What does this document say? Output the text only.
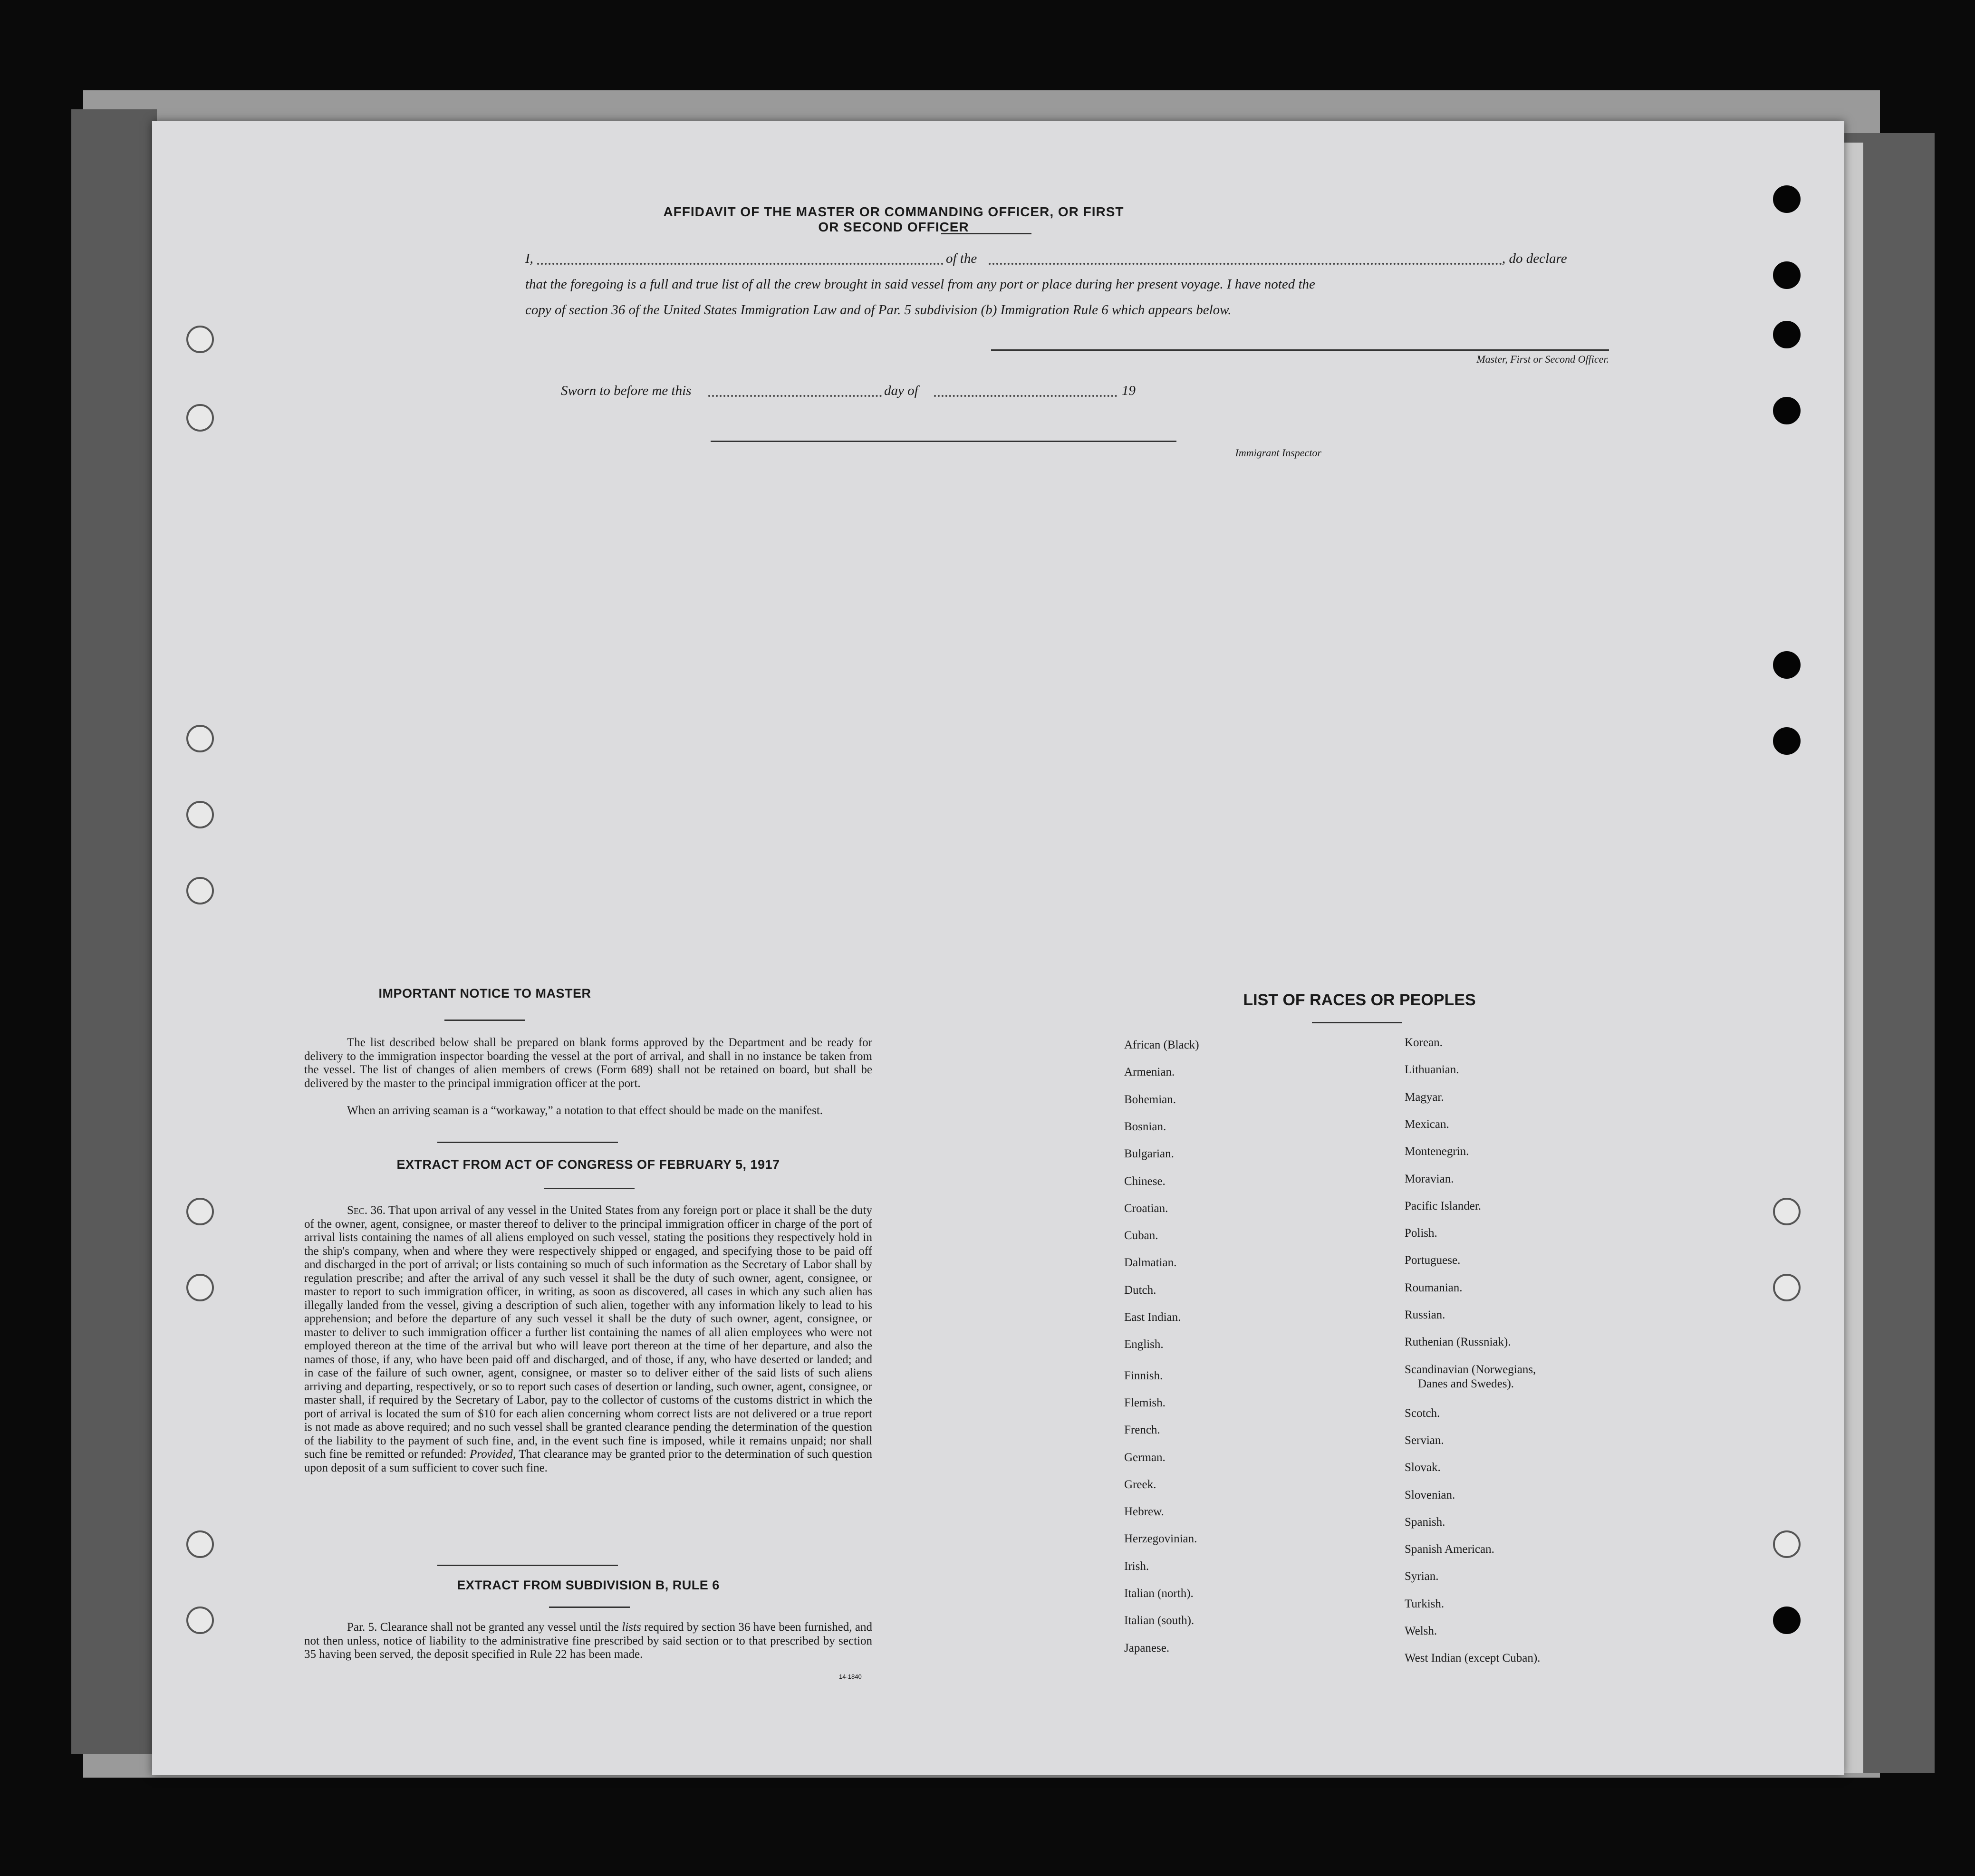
AFFIDAVIT OF THE MASTER OR COMMANDING OFFICER, OR FIRST OR SECOND OFFICER
I,	of the	, do declare
that the foregoing is a full and true list of all the crew brought in said vessel from any port or place during her present voyage. I have noted the
copy of section 36 of the United States Immigration Law and of Par. 5 subdivision (b) Immigration Rule 6 which appears below.
Master, First or Second Officer.
Sworn to before me this	day of	19
Immigrant Inspector
IMPORTANT NOTICE TO MASTER
The list described below shall be prepared on blank forms approved by the Department and be ready for delivery to the immigration inspector boarding the vessel at the port of arrival, and shall in no instance be taken from the vessel. The list of changes of alien members of crews (Form 689) shall not be retained on board, but shall be delivered by the master to the principal immigration officer at the port.
When an arriving seaman is a “workaway,” a notation to that effect should be made on the manifest.
EXTRACT FROM ACT OF CONGRESS OF FEBRUARY 5, 1917
Sec. 36. That upon arrival of any vessel in the United States from any foreign port or place it shall be the duty of the owner, agent, consignee, or master thereof to deliver to the principal immigration officer in charge of the port of arrival lists containing the names of all aliens employed on such vessel, stating the positions they respectively hold in the ship's company, when and where they were respectively shipped or engaged, and specifying those to be paid off and discharged in the port of arrival; or lists containing so much of such information as the Secretary of Labor shall by regulation prescribe; and after the arrival of any such vessel it shall be the duty of such owner, agent, consignee, or master to report to such immigration officer, in writing, as soon as discovered, all cases in which any such alien has illegally landed from the vessel, giving a description of such alien, together with any information likely to lead to his apprehension; and before the departure of any such vessel it shall be the duty of such owner, agent, consignee, or master to deliver to such immigration officer a further list containing the names of all alien employees who were not employed thereon at the time of the arrival but who will leave port thereon at the time of her departure, and also the names of those, if any, who have been paid off and discharged, and of those, if any, who have deserted or landed; and in case of the failure of such owner, agent, consignee, or master so to deliver either of the said lists of such aliens arriving and departing, respectively, or so to report such cases of desertion or landing, such owner, agent, consignee, or master shall, if required by the Secretary of Labor, pay to the collector of customs of the customs district in which the port of arrival is located the sum of $10 for each alien concerning whom correct lists are not delivered or a true report is not made as above required; and no such vessel shall be granted clearance pending the determination of the question of the liability to the payment of such fine, and, in the event such fine is imposed, while it remains unpaid; nor shall such fine be remitted or refunded: Provided, That clearance may be granted prior to the determination of such question upon deposit of a sum sufficient to cover such fine.
EXTRACT FROM SUBDIVISION B, RULE 6
Par. 5. Clearance shall not be granted any vessel until the lists required by section 36 have been furnished, and not then unless, notice of liability to the administrative fine prescribed by said section or to that prescribed by section 35 having been served, the deposit specified in Rule 22 has been made.
14-1840
LIST OF RACES OR PEOPLES
African (Black)
Armenian.
Bohemian.
Bosnian.
Bulgarian.
Chinese.
Croatian.
Cuban.
Dalmatian.
Dutch.
East Indian.
English.
Finnish.
Flemish.
French.
German.
Greek.
Hebrew.
Herzegovinian.
Irish.
Italian (north).
Italian (south).
Japanese.
Korean.
Lithuanian.
Magyar.
Mexican.
Montenegrin.
Moravian.
Pacific Islander.
Polish.
Portuguese.
Roumanian.
Russian.
Ruthenian (Russniak).
Scandinavian (Norwegians,
Danes and Swedes).
Scotch.
Servian.
Slovak.
Slovenian.
Spanish.
Spanish American.
Syrian.
Turkish.
Welsh.
West Indian (except Cuban).
